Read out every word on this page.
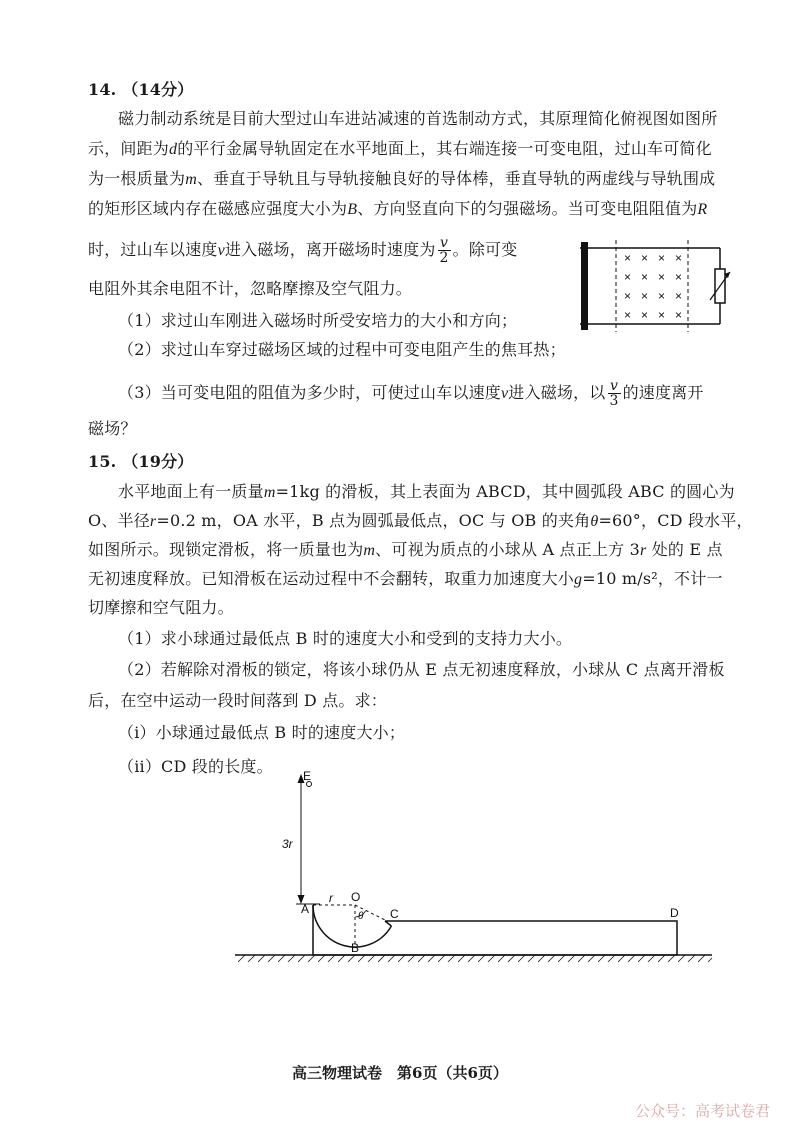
14. （14分）
磁力制动系统是目前大型过山车进站减速的首选制动方式，其原理简化俯视图如图所
示，间距为d的平行金属导轨固定在水平地面上，其右端连接一可变电阻，过山车可简化
为一根质量为m、垂直于导轨且与导轨接触良好的导体棒，垂直导轨的两虚线与导轨围成
的矩形区域内存在磁感应强度大小为B、方向竖直向下的匀强磁场。当可变电阻阻值为R
时，过山车以速度v进入磁场，离开磁场时速度为 $\frac{v}{2}$ 。除可变
电阻外其余电阻不计，忽略摩擦及空气阻力。
（1）求过山车刚进入磁场时所受安培力的大小和方向；
（2）求过山车穿过磁场区域的过程中可变电阻产生的焦耳热；
（3）当可变电阻的阻值为多少时，可使过山车以速度v进入磁场，以 $\frac{v}{3}$ 的速度离开
磁场？
× × × ×
× × × ×
× × × ×
× × × ×
15. （19分）
水平地面上有一质量m=1kg 的滑板，其上表面为 ABCD，其中圆弧段 ABC 的圆心为
O、半径r=0.2 m，OA 水平，B 点为圆弧最低点，OC 与 OB 的夹角θ=60°，CD 段水平，
如图所示。现锁定滑板，将一质量也为m、可视为质点的小球从 A 点正上方 3r 处的 E 点
无初速度释放。已知滑板在运动过程中不会翻转，取重力加速度大小g=10 m/s²，不计一
切摩擦和空气阻力。
（1）求小球通过最低点 B 时的速度大小和受到的支持力大小。
（2）若解除对滑板的锁定，将该小球仍从 E 点无初速度释放，小球从 C 点离开滑板
后，在空中运动一段时间落到 D 点。求：
（i）小球通过最低点 B 时的速度大小；
（ii）CD 段的长度。	E
3r
r O
θ
A
B
C	D
高三物理试卷　第6页（共6页）
公众号：高考试卷君
